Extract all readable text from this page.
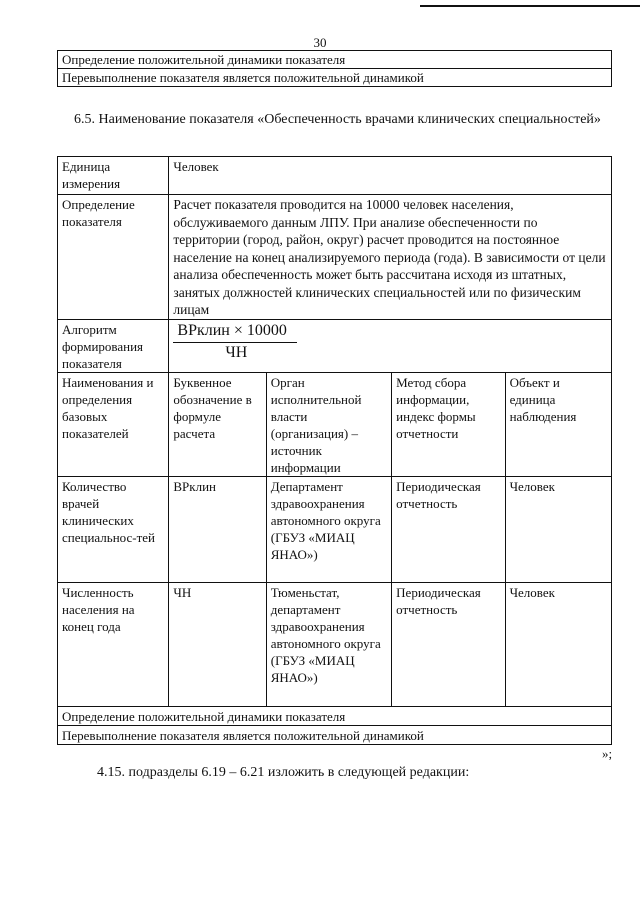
30
Определение положительной динамики показателя
Перевыполнение показателя является положительной динамикой
6.5. Наименование показателя «Обеспеченность врачами клинических специальностей»
Единица измерения	Человек			
Определение показателя	Расчет показателя проводится на 10000 человек населения, обслуживаемого данным ЛПУ. При анализе обеспеченности по территории (город, район, округ) расчет проводится на постоянное население на конец анализируемого периода (года). В зависимости от цели анализа обеспеченность может быть рассчитана исходя из штатных, занятых должностей клинических специальностей или по физическим лицам			
Алгоритм формирования показателя	ВРклин × 10000
ЧН			

Наименования и определения базовых показателей	Буквенное обозначение в формуле расчета	Орган исполнительной власти (организация) – источник информации	Метод сбора информации, индекс формы отчетности	Объект и единица наблюдения
Количество врачей клинических специальнос-тей	ВРклин	Департамент здравоохранения автономного округа (ГБУЗ «МИАЦ ЯНАО»)	Периодическая отчетность	Человек
Численность населения на конец года	ЧН	Тюменьстат, департамент здравоохранения автономного округа (ГБУЗ «МИАЦ ЯНАО»)	Периодическая отчетность	Человек
Определение положительной динамики показателя				
Перевыполнение показателя является положительной динамикой				
»;
4.15. подразделы 6.19 – 6.21 изложить в следующей редакции:
